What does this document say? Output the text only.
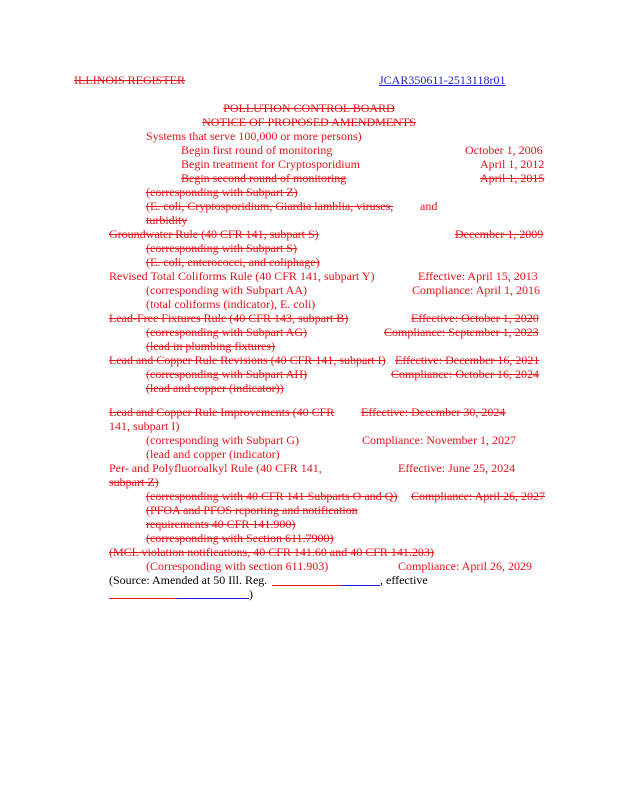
ILLINOIS REGISTER	JCAR350611-2513118r01
POLLUTION CONTROL BOARD
NOTICE OF PROPOSED AMENDMENTS
Systems that serve 100,000 or more persons)
Begin first round of monitoring	October 1, 2006
Begin treatment for Cryptosporidium	April 1, 2012
Begin second round of monitoring	April 1, 2015
(corresponding with Subpart Z)
(E. coli, Cryptosporidium, Giardia lamblia, viruses, and
turbidity
Groundwater Rule (40 CFR 141, subpart S)	December 1, 2009
(corresponding with Subpart S)
(E. coli, enterococci, and coliphage)
Revised Total Coliforms Rule (40 CFR 141, subpart Y)	Effective: April 15, 2013
(corresponding with Subpart AA)	Compliance: April 1, 2016
(total coliforms (indicator), E. coli)
Lead-Free Fixtures Rule (40 CFR 143, subpart B)	Effective: October 1, 2020
(corresponding with Subpart AG)	Compliance: September 1, 2023
(lead in plumbing fixtures)
Lead and Copper Rule Revisions (40 CFR 141, subpart I) Effective: December 16, 2021
(corresponding with Subpart AH)	Compliance: October 16, 2024
(lead and copper (indicator))
Lead and Copper Rule Improvements (40 CFR Effective: December 30, 2024
141, subpart I)
(corresponding with Subpart G)	Compliance: November 1, 2027
(lead and copper (indicator)
Per- and Polyfluoroalkyl Rule (40 CFR 141,	Effective: June 25, 2024
subpart Z)
(corresponding with 40 CFR 141 Subparts O and Q) Compliance: April 26, 2027
(PFOA and PFOS reporting and notification
requirements 40 CFR 141.900)
(corresponding with Section 611.7900)
(MCL violation notifications, 40 CFR 141.60 and 40 CFR 141.203)
(Corresponding with section 611.903)	Compliance: April 26, 2029
(Source: Amended at 50 Ill. Reg.	, effective
)
